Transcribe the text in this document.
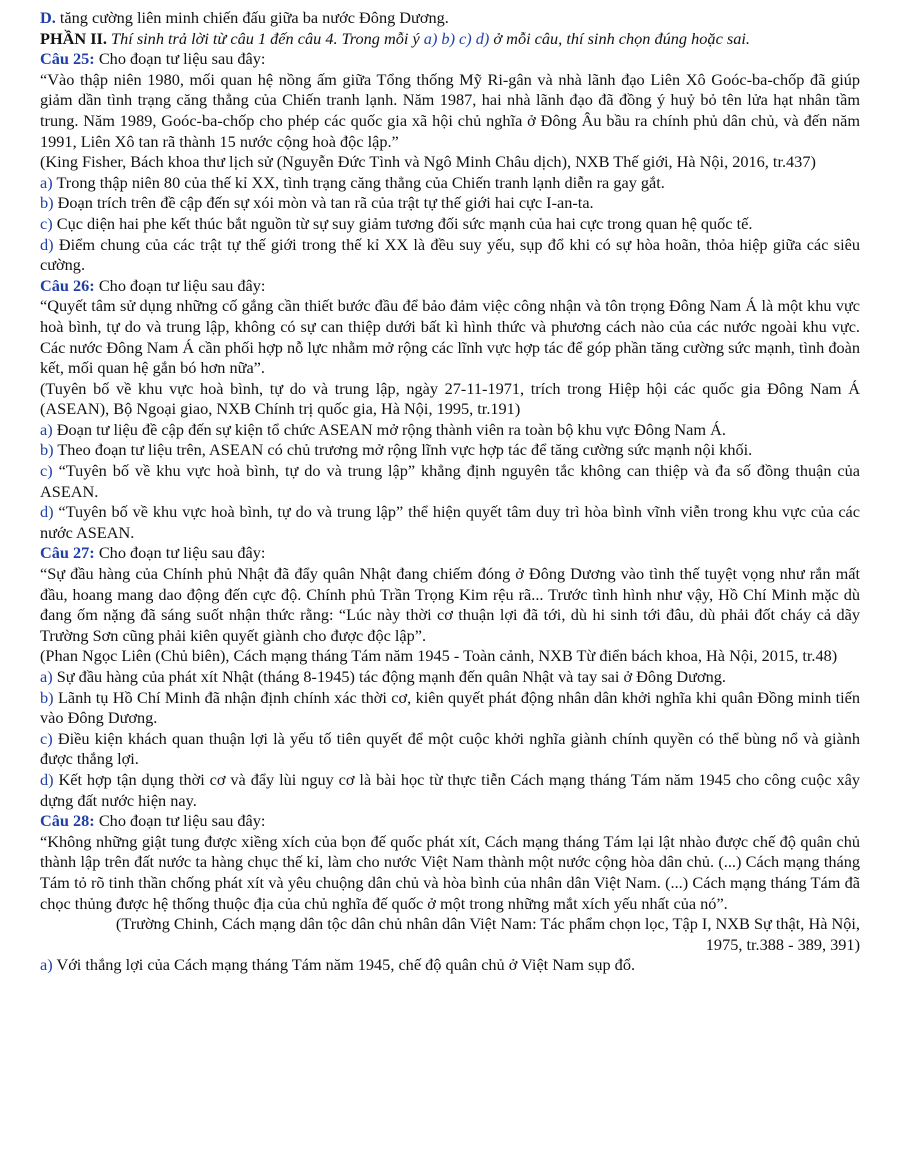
D. tăng cường liên minh chiến đấu giữa ba nước Đông Dương.

PHẦN II. Thí sinh trả lời từ câu 1 đến câu 4. Trong mỗi ý a) b) c) d) ở mỗi câu, thí sinh chọn đúng hoặc sai.

Câu 25: Cho đoạn tư liệu sau đây:

“Vào thập niên 1980, mối quan hệ nồng ấm giữa Tổng thống Mỹ Ri-gân và nhà lãnh đạo Liên Xô Goóc-ba-chốp đã giúp giảm dần tình trạng căng thẳng của Chiến tranh lạnh. Năm 1987, hai nhà lãnh đạo đã đồng ý huỷ bỏ tên lửa hạt nhân tầm trung. Năm 1989, Goóc-ba-chốp cho phép các quốc gia xã hội chủ nghĩa ở Đông Âu bầu ra chính phủ dân chủ, và đến năm 1991, Liên Xô tan rã thành 15 nước cộng hoà độc lập.”

(King Fisher, Bách khoa thư lịch sử (Nguyễn Đức Tình và Ngô Minh Châu dịch), NXB Thế giới, Hà Nội, 2016, tr.437)

a) Trong thập niên 80 của thế kỉ XX, tình trạng căng thẳng của Chiến tranh lạnh diễn ra gay gắt.

b) Đoạn trích trên đề cập đến sự xói mòn và tan rã của trật tự thế giới hai cực I-an-ta.

c) Cục diện hai phe kết thúc bắt nguồn từ sự suy giảm tương đối sức mạnh của hai cực trong quan hệ quốc tế.

d) Điểm chung của các trật tự thế giới trong thế kỉ XX là đều suy yếu, sụp đổ khi có sự hòa hoãn, thỏa hiệp giữa các siêu cường.

Câu 26: Cho đoạn tư liệu sau đây:

“Quyết tâm sử dụng những cố gắng cần thiết bước đầu để bảo đảm việc công nhận và tôn trọng Đông Nam Á là một khu vực hoà bình, tự do và trung lập, không có sự can thiệp dưới bất kì hình thức và phương cách nào của các nước ngoài khu vực. Các nước Đông Nam Á cần phối hợp nỗ lực nhằm mở rộng các lĩnh vực hợp tác để góp phần tăng cường sức mạnh, tình đoàn kết, mối quan hệ gắn bó hơn nữa”.

(Tuyên bố về khu vực hoà bình, tự do và trung lập, ngày 27-11-1971, trích trong Hiệp hội các quốc gia Đông Nam Á (ASEAN), Bộ Ngoại giao, NXB Chính trị quốc gia, Hà Nội, 1995, tr.191)

a) Đoạn tư liệu đề cập đến sự kiện tổ chức ASEAN mở rộng thành viên ra toàn bộ khu vực Đông Nam Á.

b) Theo đoạn tư liệu trên, ASEAN có chủ trương mở rộng lĩnh vực hợp tác để tăng cường sức mạnh nội khối.

c) “Tuyên bố về khu vực hoà bình, tự do và trung lập” khẳng định nguyên tắc không can thiệp và đa số đồng thuận của ASEAN.

d) “Tuyên bố về khu vực hoà bình, tự do và trung lập” thể hiện quyết tâm duy trì hòa bình vĩnh viễn trong khu vực của các nước ASEAN.

Câu 27: Cho đoạn tư liệu sau đây:

“Sự đầu hàng của Chính phủ Nhật đã đẩy quân Nhật đang chiếm đóng ở Đông Dương vào tình thế tuyệt vọng như rắn mất đầu, hoang mang dao động đến cực độ. Chính phủ Trần Trọng Kim rệu rã... Trước tình hình như vậy, Hồ Chí Minh mặc dù đang ốm nặng đã sáng suốt nhận thức rằng: “Lúc này thời cơ thuận lợi đã tới, dù hi sinh tới đâu, dù phải đốt cháy cả dãy Trường Sơn cũng phải kiên quyết giành cho được độc lập”.

(Phan Ngọc Liên (Chủ biên), Cách mạng tháng Tám năm 1945 - Toàn cảnh, NXB Từ điển bách khoa, Hà Nội, 2015, tr.48)

a) Sự đầu hàng của phát xít Nhật (tháng 8-1945) tác động mạnh đến quân Nhật và tay sai ở Đông Dương.

b) Lãnh tụ Hồ Chí Minh đã nhận định chính xác thời cơ, kiên quyết phát động nhân dân khởi nghĩa khi quân Đồng minh tiến vào Đông Dương.

c) Điều kiện khách quan thuận lợi là yếu tố tiên quyết để một cuộc khởi nghĩa giành chính quyền có thể bùng nổ và giành được thắng lợi.

d) Kết hợp tận dụng thời cơ và đẩy lùi nguy cơ là bài học từ thực tiễn Cách mạng tháng Tám năm 1945 cho công cuộc xây dựng đất nước hiện nay.

Câu 28: Cho đoạn tư liệu sau đây:

“Không những giật tung được xiềng xích của bọn đế quốc phát xít, Cách mạng tháng Tám lại lật nhào được chế độ quân chủ thành lập trên đất nước ta hàng chục thế kỉ, làm cho nước Việt Nam thành một nước cộng hòa dân chủ. (...) Cách mạng tháng Tám tỏ rõ tinh thần chống phát xít và yêu chuộng dân chủ và hòa bình của nhân dân Việt Nam. (...) Cách mạng tháng Tám đã chọc thủng được hệ thống thuộc địa của chủ nghĩa đế quốc ở một trong những mắt xích yếu nhất của nó”.

(Trường Chinh, Cách mạng dân tộc dân chủ nhân dân Việt Nam: Tác phẩm chọn lọc, Tập I, NXB Sự thật, Hà Nội, 1975, tr.388 - 389, 391)

a) Với thắng lợi của Cách mạng tháng Tám năm 1945, chế độ quân chủ ở Việt Nam sụp đổ.
